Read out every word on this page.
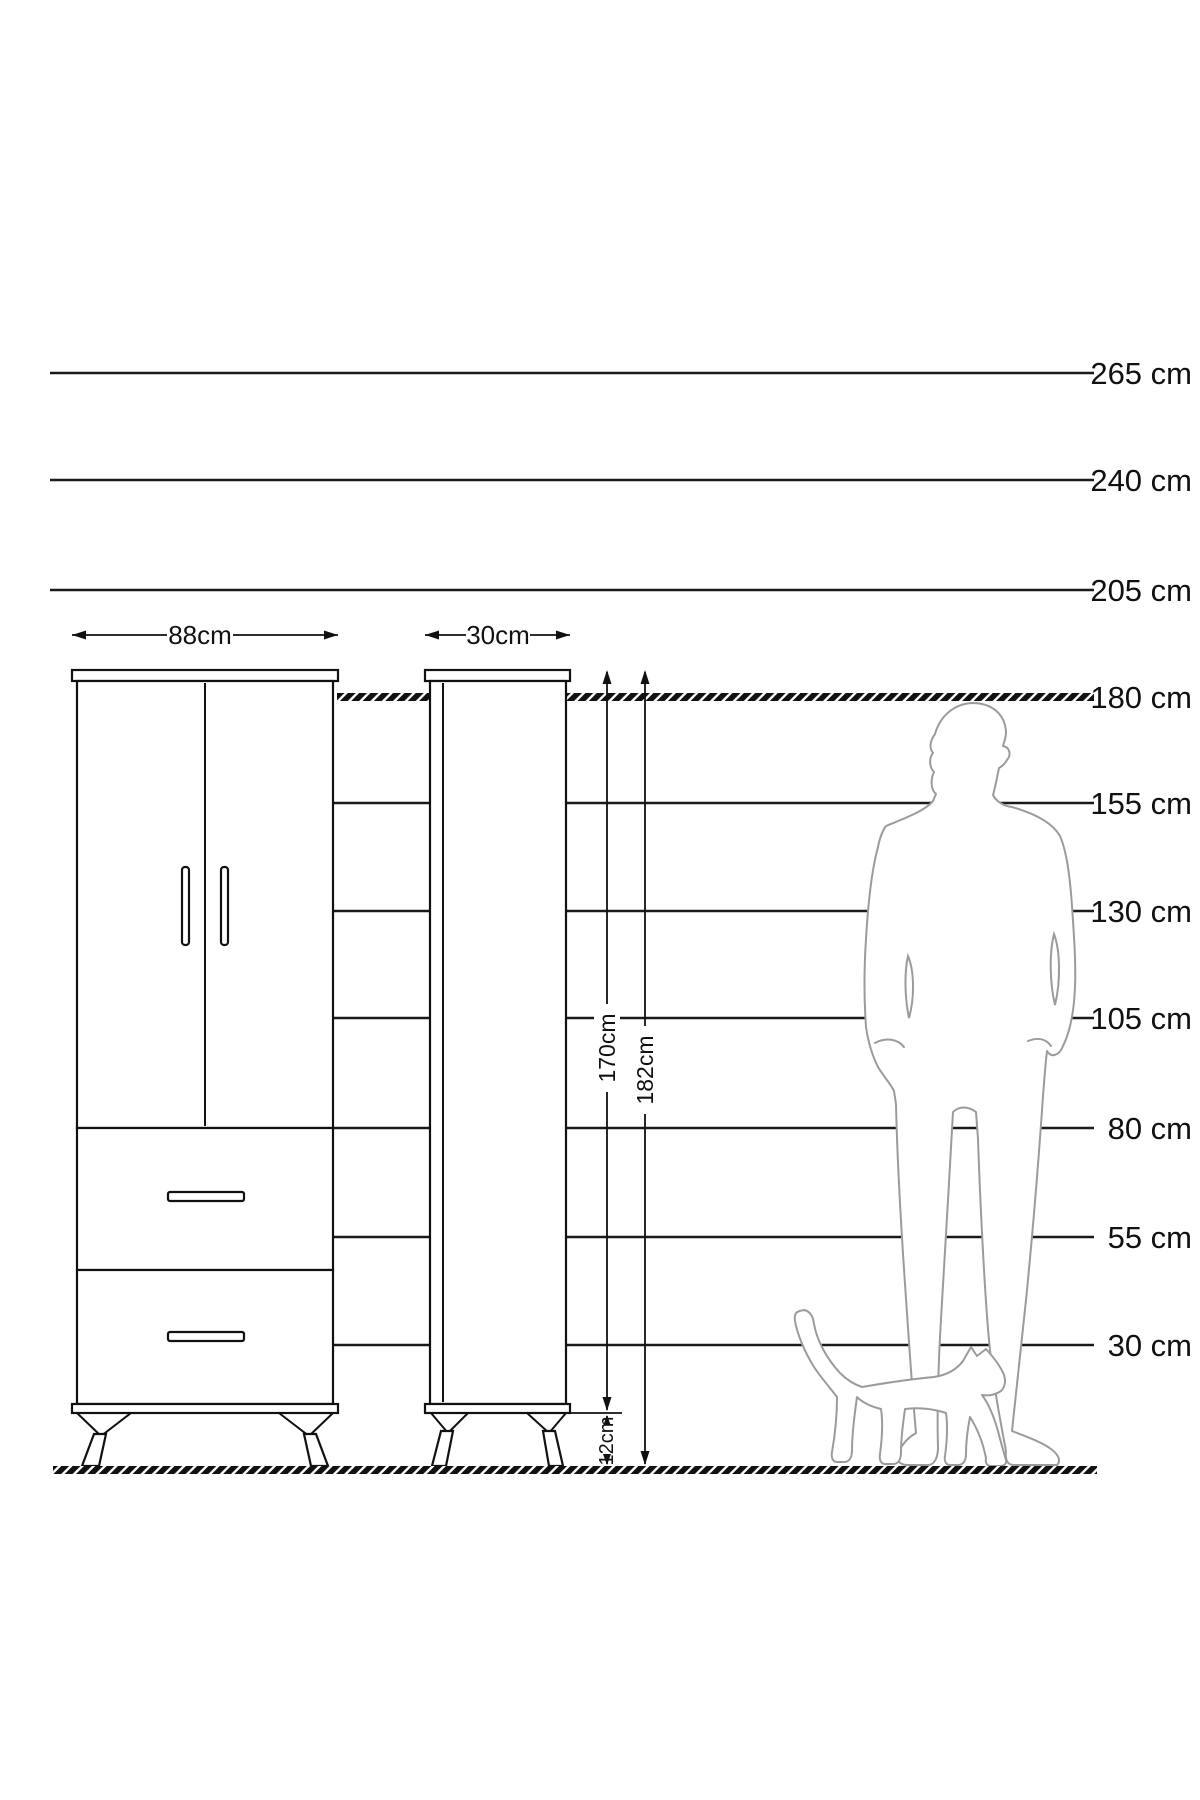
88cm	30cm
170cm 182cm
12cm
265 cm
240 cm
205 cm
180 cm
155 cm
130 cm
105 cm
80 cm
55 cm
30 cm
